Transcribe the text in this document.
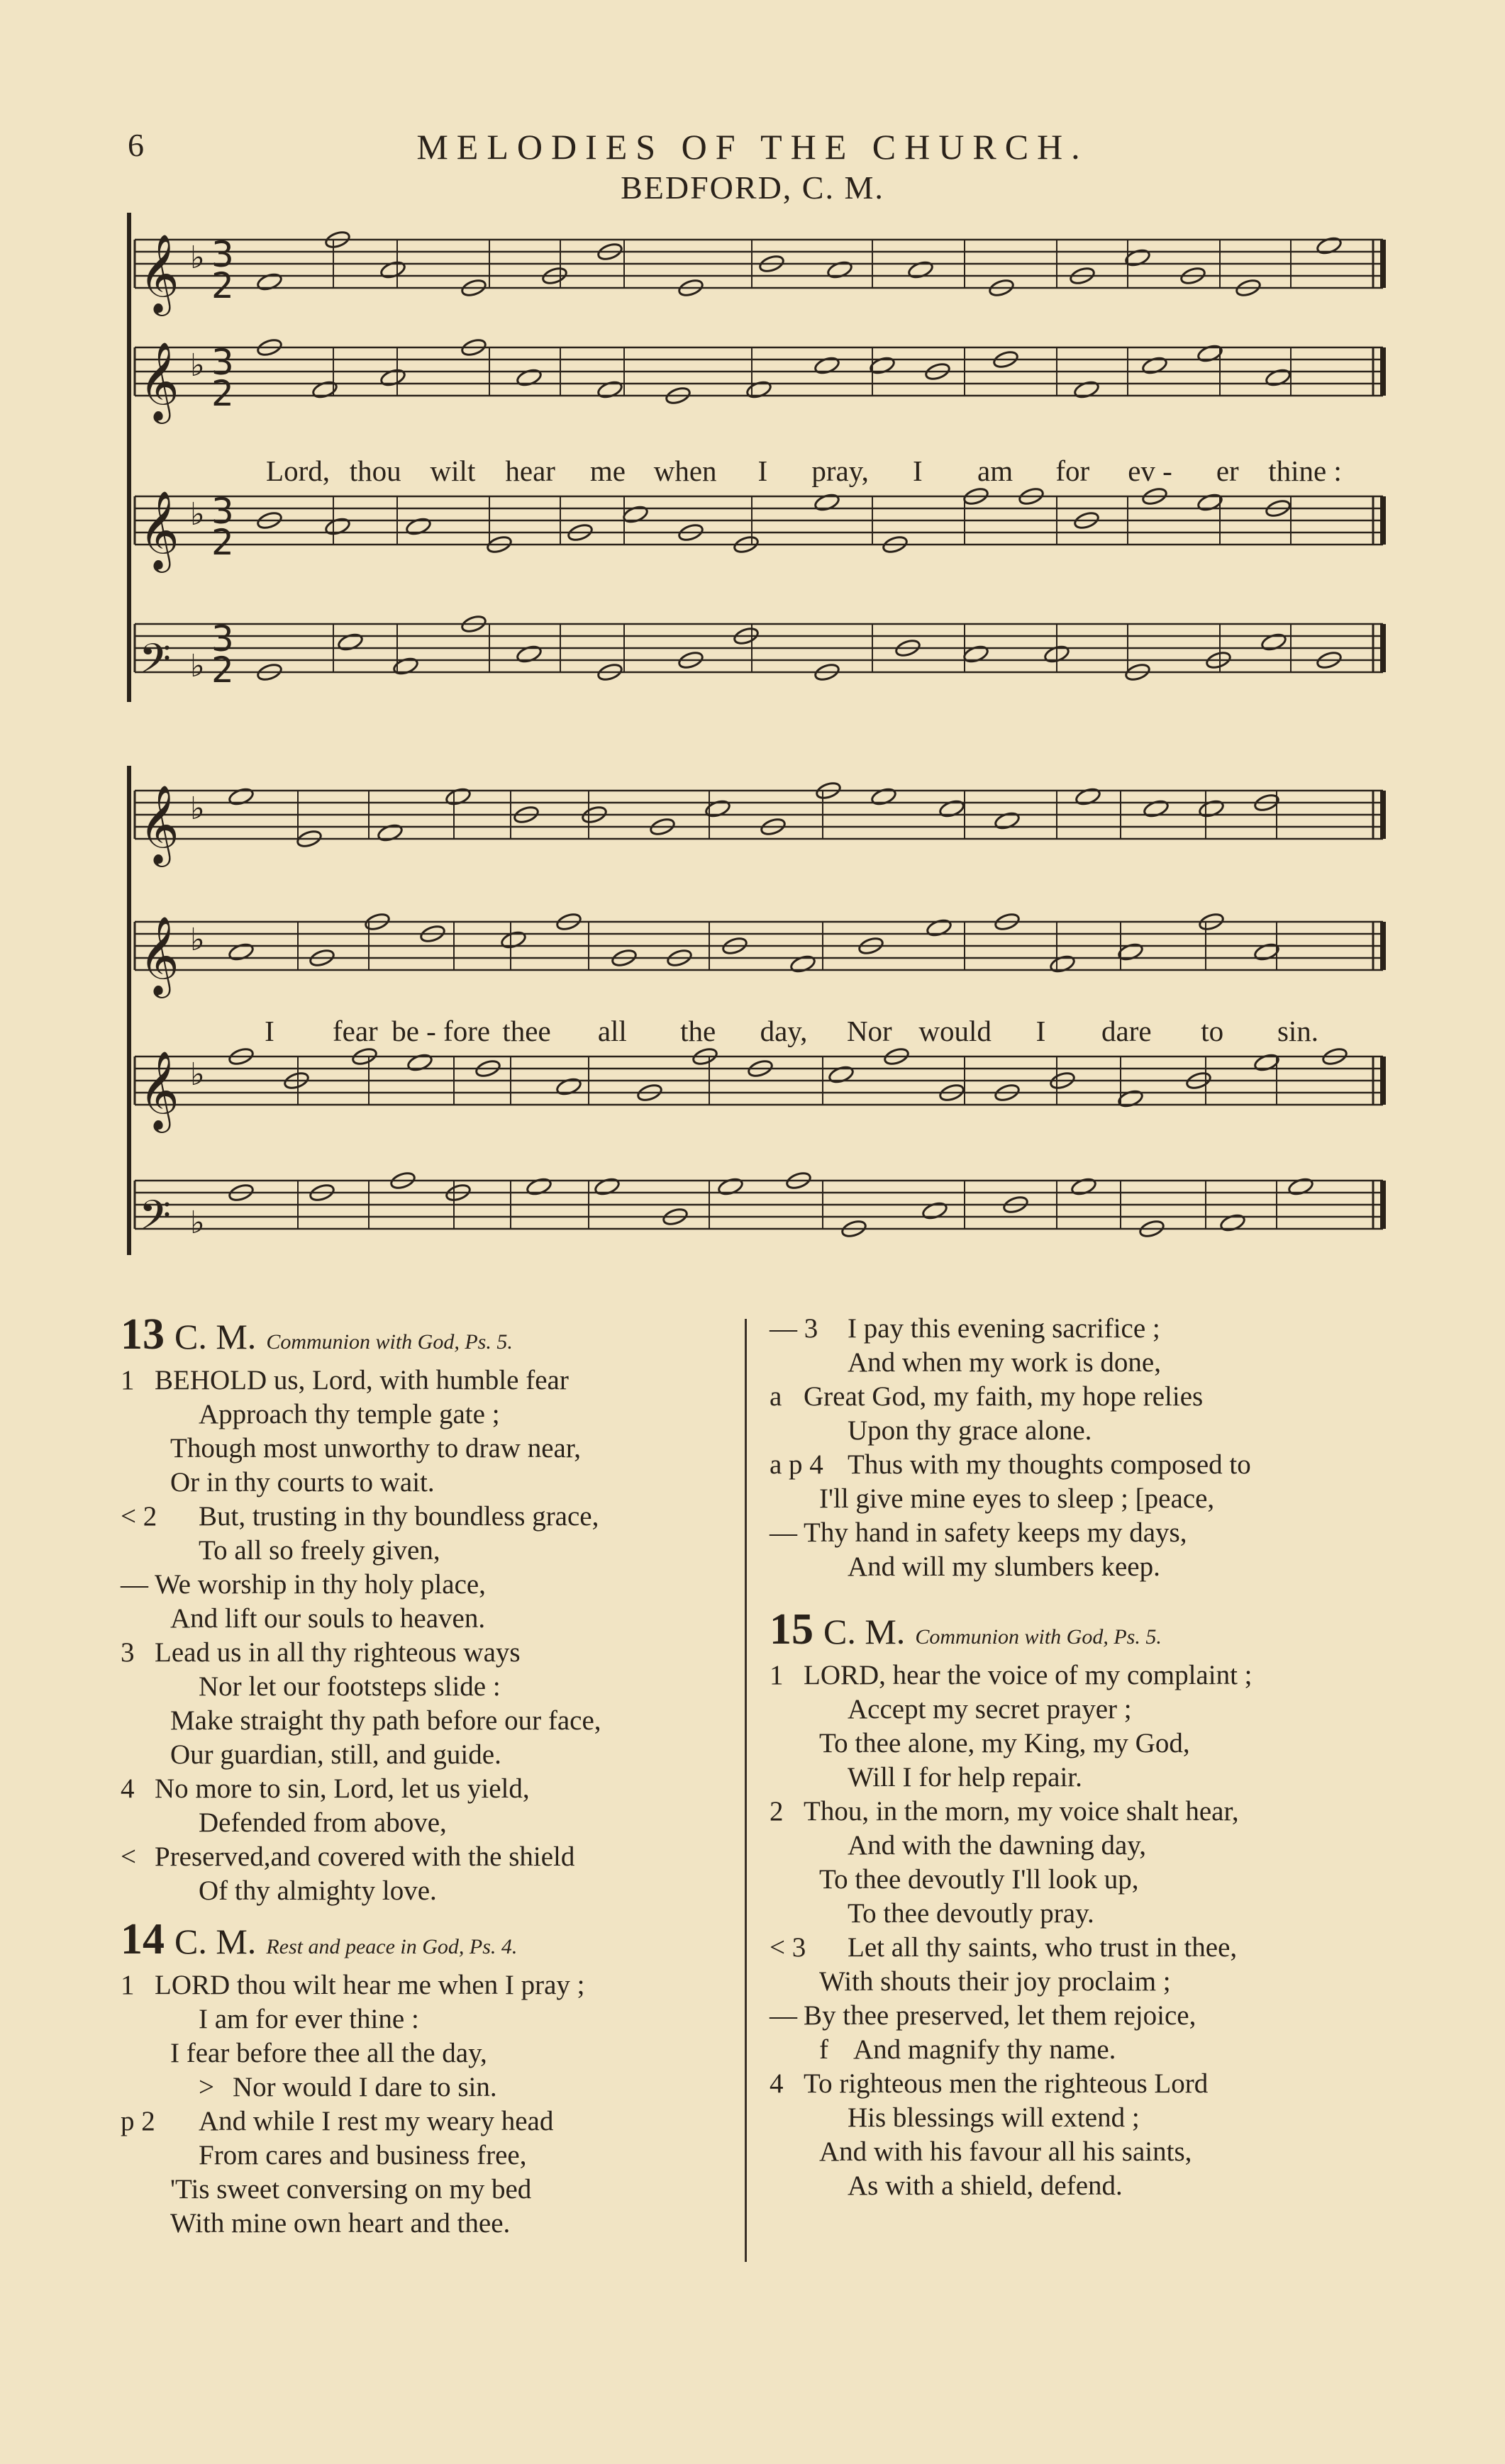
6	MELODIES OF THE CHURCH.
BEDFORD, C. M.
𝄞 ♭ 3
2
𝄞 ♭ 3
2
𝄞 ♭ 3
2
𝄢 ♭
3
2
𝄞 ♭
𝄞 ♭
𝄞 ♭
𝄢 ♭
Lord, thou wilt hear me when I pray, I am for ev - er thine :
I fear be - fore thee all the day, Nor would I dare to sin.
13 C. M. Communion with God, Ps. 5.
1 BEHOLD us, Lord, with humble fear
Approach thy temple gate ;
Though most unworthy to draw near,
Or in thy courts to wait.
< 2 But, trusting in thy boundless grace,
To all so freely given,
— We worship in thy holy place,
And lift our souls to heaven.
3 Lead us in all thy righteous ways
Nor let our footsteps slide :
Make straight thy path before our face,
Our guardian, still, and guide.
4 No more to sin, Lord, let us yield,
Defended from above,
< Preserved,and covered with the shield
Of thy almighty love.
14 C. M. Rest and peace in God, Ps. 4.
1 LORD thou wilt hear me when I pray ;
I am for ever thine :
I fear before thee all the day,
> Nor would I dare to sin.
p 2 And while I rest my weary head
From cares and business free,
'Tis sweet conversing on my bed
With mine own heart and thee.
— 3 I pay this evening sacrifice ;
And when my work is done,
a Great God, my faith, my hope relies
Upon thy grace alone.
a p 4 Thus with my thoughts composed to
I'll give mine eyes to sleep ; [peace,
— Thy hand in safety keeps my days,
And will my slumbers keep.
15 C. M. Communion with God, Ps. 5.
1 LORD, hear the voice of my complaint ;
Accept my secret prayer ;
To thee alone, my King, my God,
Will I for help repair.
2 Thou, in the morn, my voice shalt hear,
And with the dawning day,
To thee devoutly I'll look up,
To thee devoutly pray.
< 3 Let all thy saints, who trust in thee,
With shouts their joy proclaim ;
— By thee preserved, let them rejoice,
f And magnify thy name.
4 To righteous men the righteous Lord
His blessings will extend ;
And with his favour all his saints,
As with a shield, defend.
